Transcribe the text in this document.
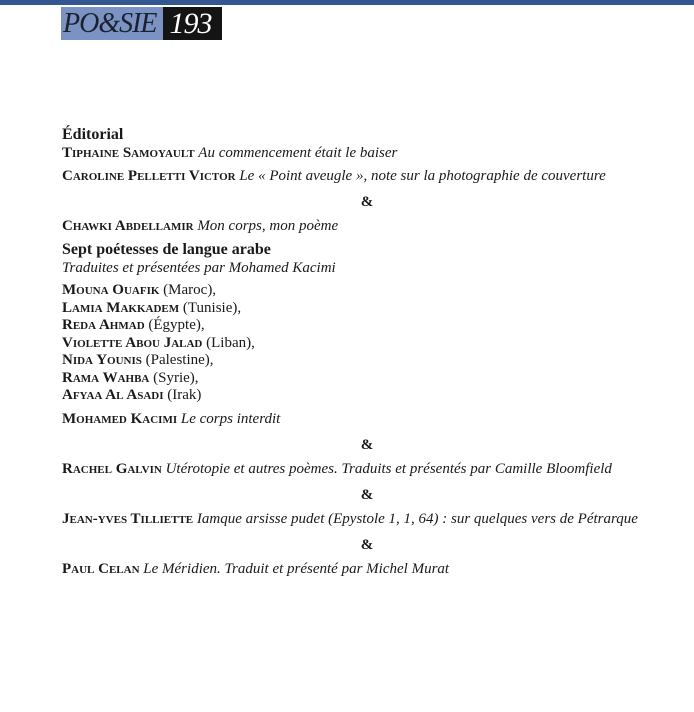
PO&SIE 193
Éditorial

Tiphaine Samoyault Au commencement était le baiser

Caroline Pelletti Victor Le « Point aveugle », note sur la photographie de couverture

&

Chawki Abdellamir Mon corps, mon poème

Sept poétesses de langue arabe
Traduites et présentées par Mohamed Kacimi
Mouna Ouafik (Maroc),
Lamia Makkadem (Tunisie),
Reda Ahmad (Égypte),
Violette Abou Jalad (Liban),
Nida Younis (Palestine),
Rama Wahba (Syrie),
Afyaa Al Asadi (Irak)

Mohamed Kacimi Le corps interdit

&

Rachel Galvin Utérotopie et autres poèmes. Traduits et présentés par Camille Bloomfield

&

Jean-yves Tilliette Iamque arsisse pudet (Epystole 1, 1, 64) : sur quelques vers de Pétrarque

&

Paul Celan Le Méridien. Traduit et présenté par Michel Murat
